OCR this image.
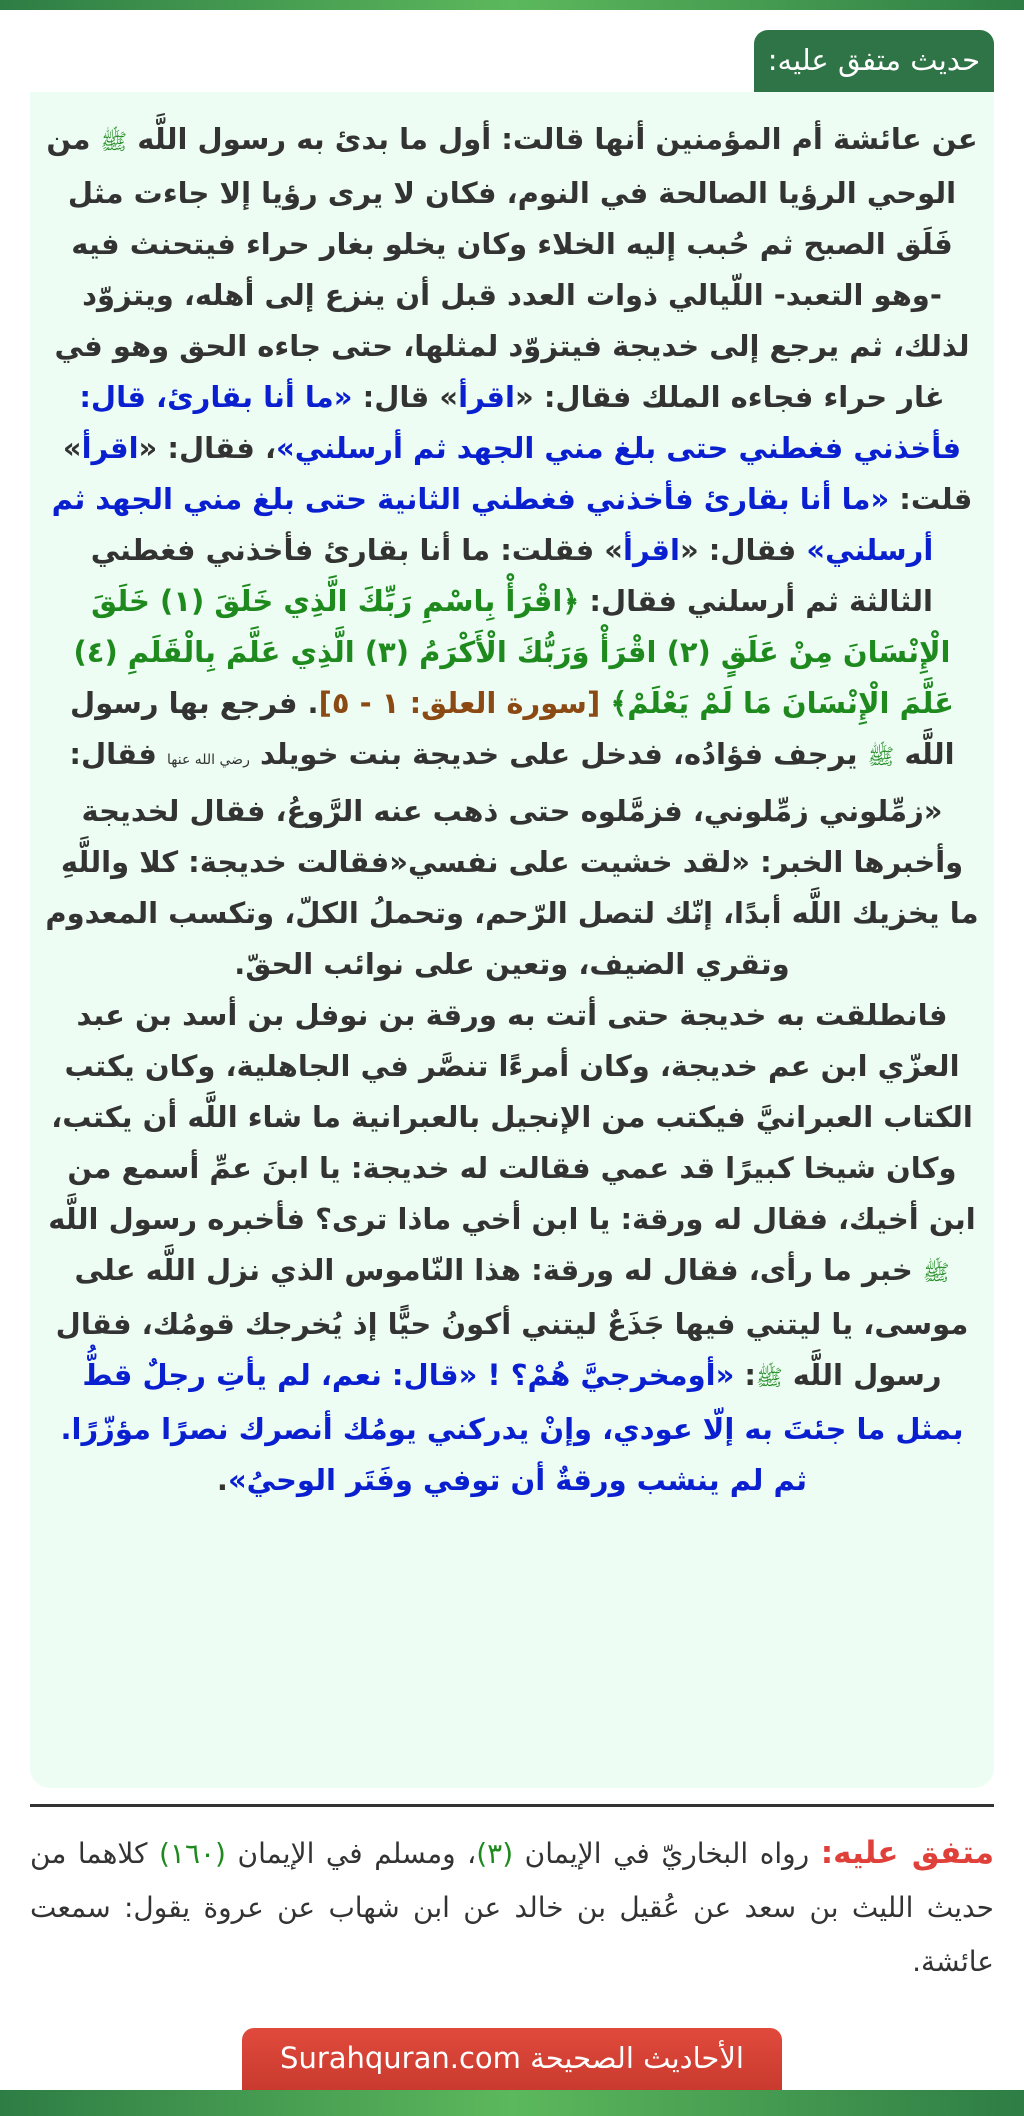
حديث متفق عليه:

عن عائشة أم المؤمنين أنها قالت: أول ما بدئ به رسول اللَّه ﷺ من الوحي الرؤيا الصالحة في النوم، فكان لا يرى رؤيا إلا جاءت مثل فَلَق الصبح ثم حُبب إليه الخلاء وكان يخلو بغار حراء فيتحنث فيه -وهو التعبد- اللّيالي ذوات العدد قبل أن ينزع إلى أهله، ويتزوّد لذلك، ثم يرجع إلى خديجة فيتزوّد لمثلها، حتى جاءه الحق وهو في غار حراء فجاءه الملك فقال: «اقرأ» قال: «ما أنا بقارئ، قال: فأخذني فغطني حتى بلغ مني الجهد ثم أرسلني»، فقال: «اقرأ» قلت: «ما أنا بقارئ فأخذني فغطني الثانية حتى بلغ مني الجهد ثم أرسلني» فقال: «اقرأ» فقلت: ما أنا بقارئ فأخذني فغطني الثالثة ثم أرسلني فقال: ﴿اقْرَأْ بِاسْمِ رَبِّكَ الَّذِي خَلَقَ (١) خَلَقَ الْإِنْسَانَ مِنْ عَلَقٍ (٢) اقْرَأْ وَرَبُّكَ الْأَكْرَمُ (٣) الَّذِي عَلَّمَ بِالْقَلَمِ (٤) عَلَّمَ الْإِنْسَانَ مَا لَمْ يَعْلَمْ﴾ [سورة العلق: ١ - ٥]. فرجع بها رسول اللَّه ﷺ يرجف فؤادُه، فدخل على خديجة بنت خويلد رضي الله عنها فقال: «زمِّلوني زمِّلوني، فزمَّلوه حتى ذهب عنه الرَّوعُ، فقال لخديجة وأخبرها الخبر: «لقد خشيت على نفسي«فقالت خديجة: كلا واللَّهِ ما يخزيك اللَّه أبدًا، إنّك لتصل الرّحم، وتحملُ الكلّ، وتكسب المعدوم وتقري الضيف، وتعين على نوائب الحقّ.

فانطلقت به خديجة حتى أتت به ورقة بن نوفل بن أسد بن عبد العزّي ابن عم خديجة، وكان أمرءًا تنصَّر في الجاهلية، وكان يكتب الكتاب العبرانيَّ فيكتب من الإنجيل بالعبرانية ما شاء اللَّه أن يكتب، وكان شيخا كبيرًا قد عمي فقالت له خديجة: يا ابنَ عمِّ أسمع من ابن أخيك، فقال له ورقة: يا ابن أخي ماذا ترى؟ فأخبره رسول اللَّه ﷺ خبر ما رأى، فقال له ورقة: هذا النّاموس الذي نزل اللَّه على موسى، يا ليتني فيها جَذَعٌ ليتني أكونُ حيًّا إذ يُخرجك قومُك، فقال رسول اللَّه ﷺ: «أومخرجيَّ هُمْ؟ ! «قال: نعم، لم يأتِ رجلٌ قطُّ بمثل ما جئتَ به إلّا عودي، وإنْ يدركني يومُك أنصرك نصرًا مؤزّرًا. ثم لم ينشب ورقةٌ أن توفي وفَتَر الوحيُ».

متفق عليه: رواه البخاريّ في الإيمان (٣)، ومسلم في الإيمان (١٦٠) كلاهما من حديث الليث بن سعد عن عُقيل بن خالد عن ابن شهاب عن عروة يقول: سمعت عائشة.
الأحاديث الصحيحة Surahquran.com
